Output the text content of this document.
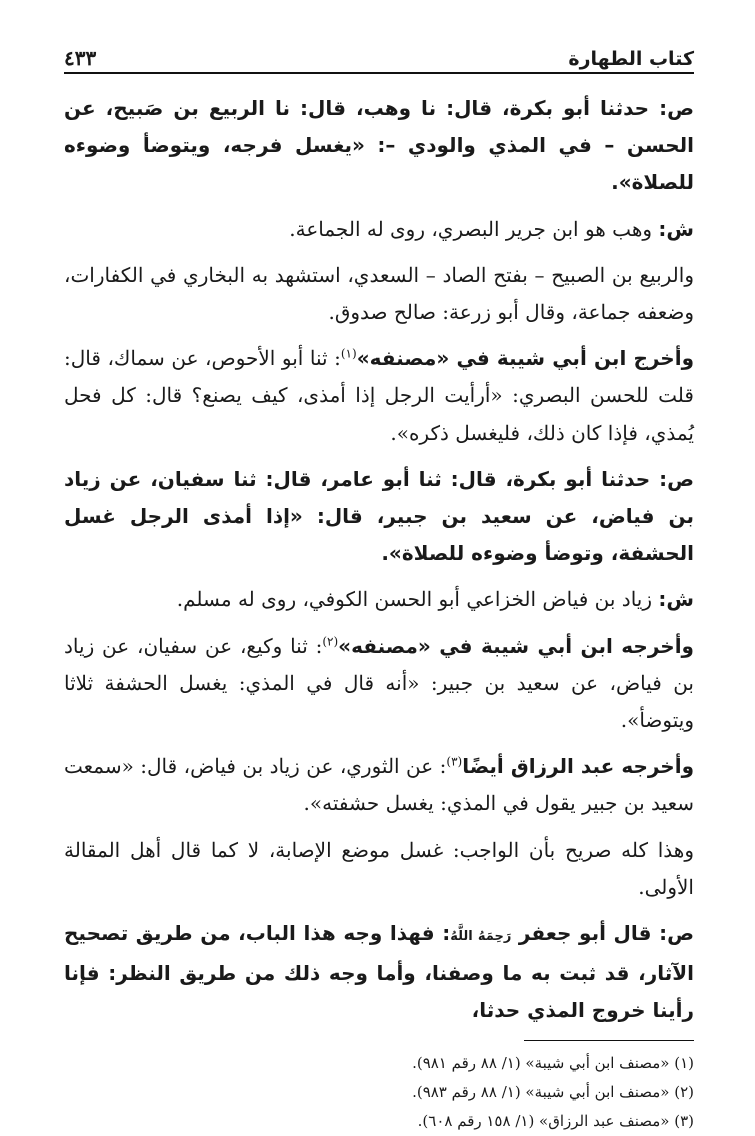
كتاب الطهارة
٤٣٣

ص: حدثنا أبو بكرة، قال: نا وهب، قال: نا الربيع بن صَبيح، عن الحسن – في المذي والودي –: «يغسل فرجه، ويتوضأ وضوءه للصلاة».

ش: وهب هو ابن جرير البصري، روى له الجماعة.

والربيع بن الصبيح – بفتح الصاد – السعدي، استشهد به البخاري في الكفارات، وضعفه جماعة، وقال أبو زرعة: صالح صدوق.

وأخرج ابن أبي شيبة في «مصنفه»$^{(١)}$: ثنا أبو الأحوص، عن سماك، قال: قلت للحسن البصري: «أرأيت الرجل إذا أمذى، كيف يصنع؟ قال: كل فحل يُمذي، فإذا كان ذلك، فليغسل ذكره».

ص: حدثنا أبو بكرة، قال: ثنا أبو عامر، قال: ثنا سفيان، عن زياد بن فياض، عن سعيد بن جبير، قال: «إذا أمذى الرجل غسل الحشفة، وتوضأ وضوءه للصلاة».

ش: زياد بن فياض الخزاعي أبو الحسن الكوفي، روى له مسلم.

وأخرجه ابن أبي شيبة في «مصنفه»$^{(٢)}$: ثنا وكيع، عن سفيان، عن زياد بن فياض، عن سعيد بن جبير: «أنه قال في المذي: يغسل الحشفة ثلاثا ويتوضأ».

وأخرجه عبد الرزاق أيضًا$^{(٣)}$: عن الثوري، عن زياد بن فياض، قال: «سمعت سعيد بن جبير يقول في المذي: يغسل حشفته».

وهذا كله صريح بأن الواجب: غسل موضع الإصابة، لا كما قال أهل المقالة الأولى.

ص: قال أبو جعفر رَحِمَهُ اللَّهُ: فهذا وجه هذا الباب، من طريق تصحيح الآثار، قد ثبت به ما وصفنا، وأما وجه ذلك من طريق النظر: فإنا رأينا خروج المذي حدثا،

(١) «مصنف ابن أبي شيبة» (١/ ٨٨ رقم ٩٨١).

(٢) «مصنف ابن أبي شيبة» (١/ ٨٨ رقم ٩٨٣).

(٣) «مصنف عبد الرزاق» (١/ ١٥٨ رقم ٦٠٨).
